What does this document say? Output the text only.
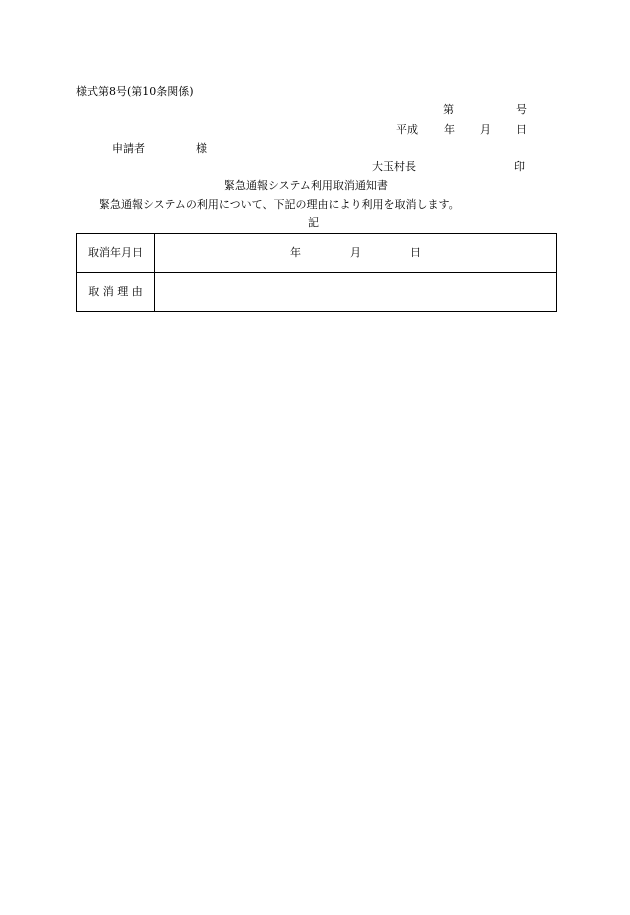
様式第8号(第10条関係)
第	号
平成 年 月 日
申請者	様
大玉村長	印
緊急通報システム利用取消通知書
緊急通報システムの利用について、下記の理由により利用を取消します。
記
取消年月日	年 月 日

取 消 理 由	
